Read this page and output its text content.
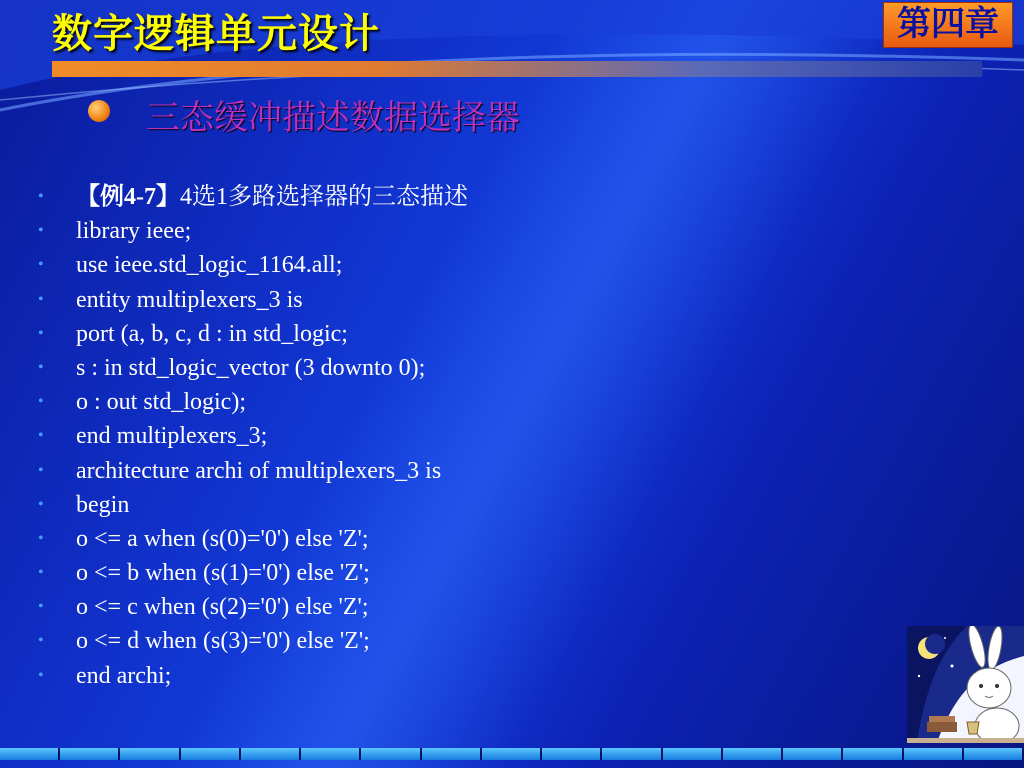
数字逻辑单元设计	第四章
三态缓冲描述数据选择器
• 【例4-7】4选1多路选择器的三态描述
• library ieee;
• use ieee.std_logic_1164.all;
• entity multiplexers_3 is
• port (a, b, c, d : in std_logic;
• s : in std_logic_vector (3 downto 0);
• o : out std_logic);
• end multiplexers_3;
• architecture archi of multiplexers_3 is
• begin
• o <= a when (s(0)='0') else 'Z';
• o <= b when (s(1)='0') else 'Z';
• o <= c when (s(2)='0') else 'Z';
• o <= d when (s(3)='0') else 'Z';
• end archi;
